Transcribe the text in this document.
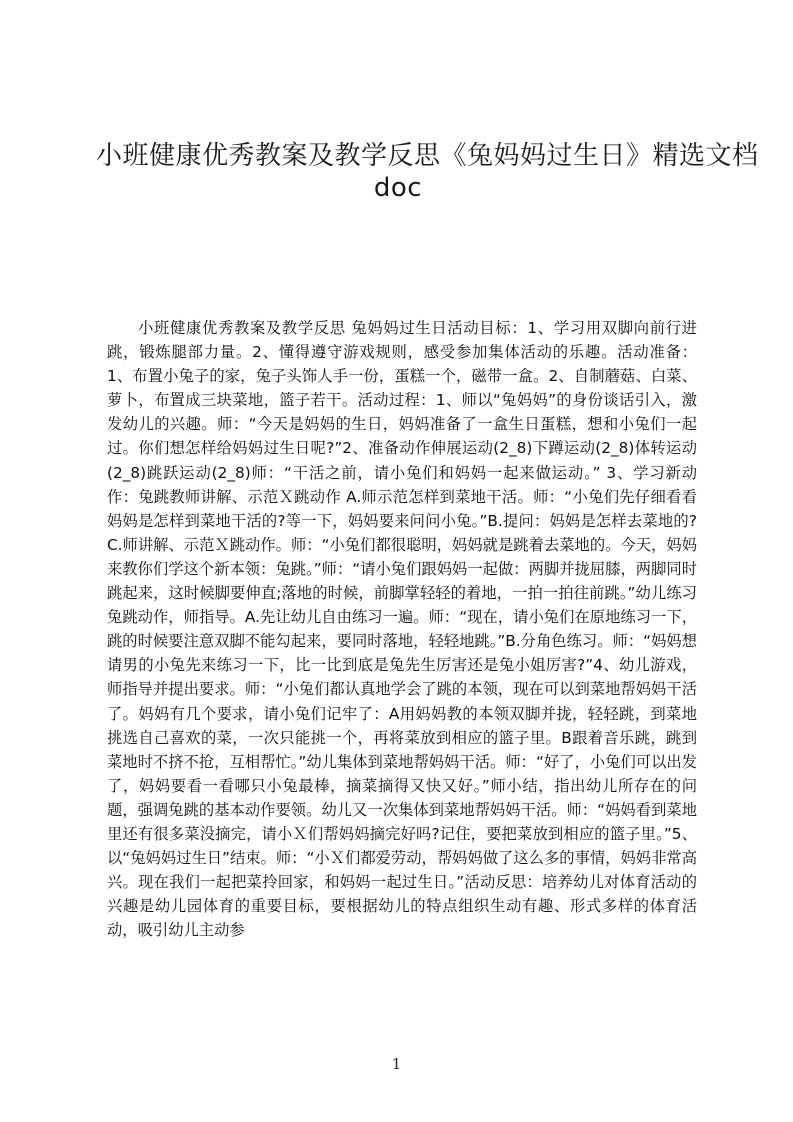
小班健康优秀教案及教学反思《兔妈妈过生日》精选文档
doc
小班健康优秀教案及教学反思 兔妈妈过生日活动目标：1、学习用双脚向前行进跳，锻炼腿部力量。2、懂得遵守游戏规则，感受参加集体活动的乐趣。活动准备： 1、布置小兔子的家，兔子头饰人手一份，蛋糕一个，磁带一盒。2、自制蘑菇、白菜、萝卜，布置成三块菜地，篮子若干。活动过程：1、师以“兔妈妈”的身份谈话引入，激发幼儿的兴趣。师：“今天是妈妈的生日，妈妈准备了一盒生日蛋糕，想和小兔们一起过。你们想怎样给妈妈过生日呢?”2、准备动作伸展运动(2_8)下蹲运动(2_8)体转运动(2_8)跳跃运动(2_8)师：“干活之前，请小兔们和妈妈一起来做运动。” 3、学习新动作：兔跳教师讲解、示范Ｘ跳动作 A.师示范怎样到菜地干活。师：“小兔们先仔细看看妈妈是怎样到菜地干活的?等一下，妈妈要来问问小兔。”B.提问：妈妈是怎样去菜地的?C.师讲解、示范Ｘ跳动作。师：“小兔们都很聪明，妈妈就是跳着去菜地的。今天，妈妈来教你们学这个新本领：兔跳。”师：“请小兔们跟妈妈一起做：两脚并拢屈膝，两脚同时跳起来，这时候脚要伸直;落地的时候，前脚掌轻轻的着地，一拍一拍往前跳。”幼儿练习兔跳动作，师指导。A.先让幼儿自由练习一遍。师：“现在，请小兔们在原地练习一下，跳的时候要注意双脚不能勾起来，要同时落地，轻轻地跳。”B.分角色练习。师：“妈妈想请男的小兔先来练习一下，比一比到底是兔先生厉害还是兔小姐厉害?”4、幼儿游戏，师指导并提出要求。师：“小兔们都认真地学会了跳的本领，现在可以到菜地帮妈妈干活了。妈妈有几个要求，请小兔们记牢了：A用妈妈教的本领双脚并拢，轻轻跳，到菜地挑选自己喜欢的菜，一次只能挑一个，再将菜放到相应的篮子里。B跟着音乐跳，跳到菜地时不挤不抢，互相帮忙。”幼儿集体到菜地帮妈妈干活。师：“好了，小兔们可以出发了，妈妈要看一看哪只小兔最棒，摘菜摘得又快又好。”师小结，指出幼儿所存在的问题，强调兔跳的基本动作要领。幼儿又一次集体到菜地帮妈妈干活。师：“妈妈看到菜地里还有很多菜没摘完，请小Ｘ们帮妈妈摘完好吗?记住，要把菜放到相应的篮子里。”5、以“兔妈妈过生日”结束。师：“小Ｘ们都爱劳动，帮妈妈做了这么多的事情，妈妈非常高兴。现在我们一起把菜拎回家，和妈妈一起过生日。”活动反思：培养幼儿对体育活动的兴趣是幼儿园体育的重要目标，要根据幼儿的特点组织生动有趣、形式多样的体育活动，吸引幼儿主动参
1
